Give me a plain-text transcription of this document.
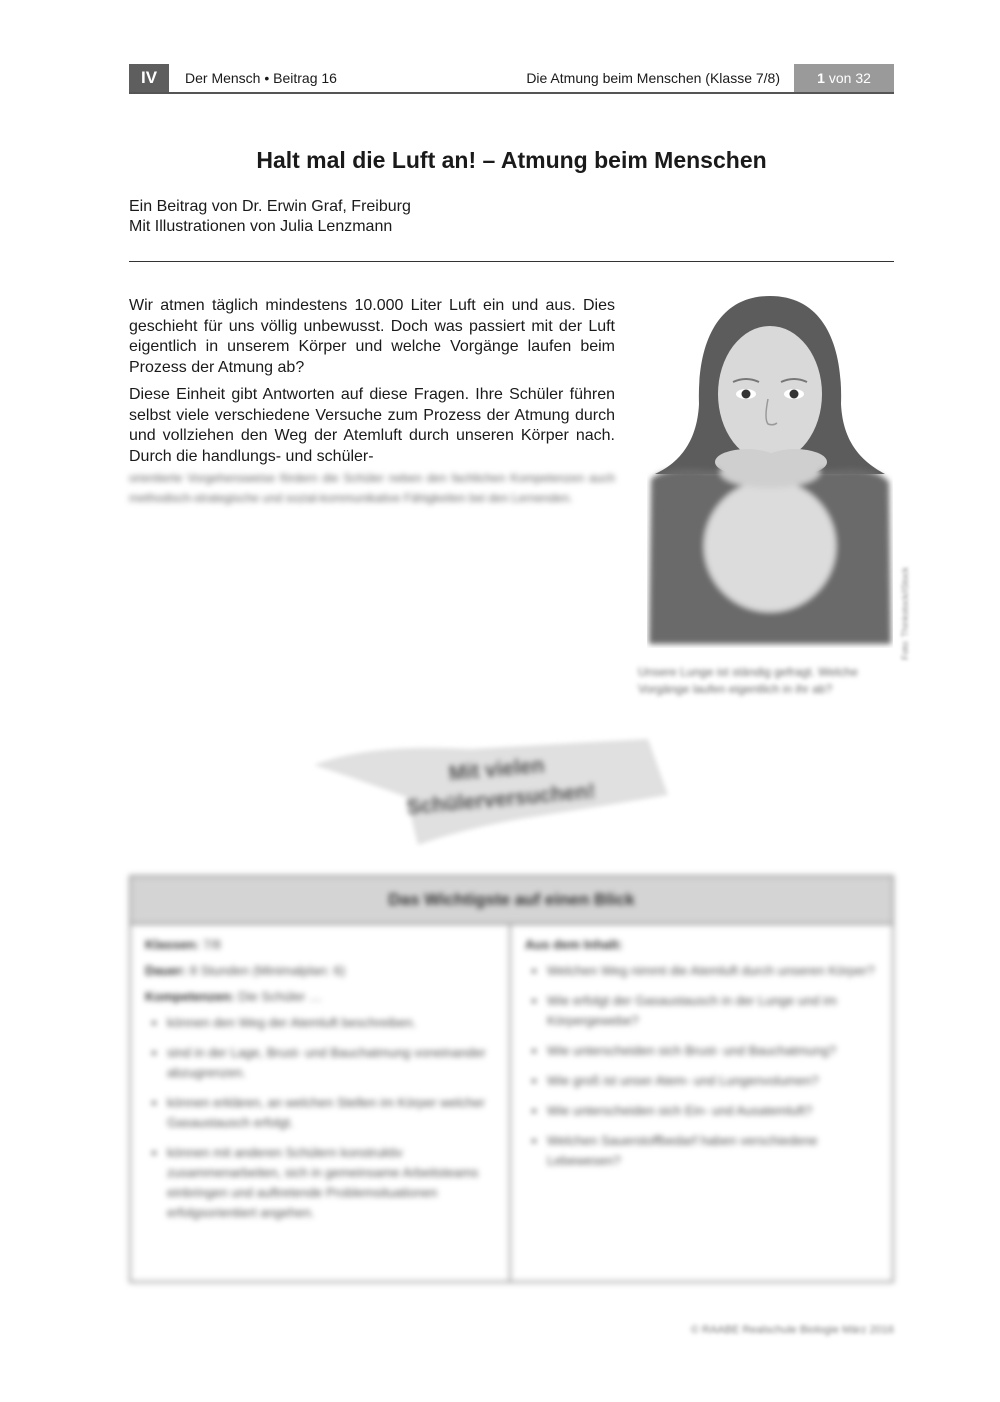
IV	Der Mensch • Beitrag 16	Die Atmung beim Menschen (Klasse 7/8)	1 von 32
Halt mal die Luft an! – Atmung beim Menschen
Ein Beitrag von Dr. Erwin Graf, Freiburg
Mit Illustrationen von Julia Lenzmann

Wir atmen täglich mindestens 10.000 Liter Luft ein und aus. Dies geschieht für uns völlig unbewusst. Doch was passiert mit der Luft eigentlich in unserem Körper und welche Vorgänge laufen beim Prozess der Atmung ab?

Diese Einheit gibt Antworten auf diese Fragen. Ihre Schüler führen selbst viele verschiedene Versuche zum Prozess der Atmung durch und vollziehen den Weg der Atemluft durch unseren Körper nach. Durch die handlungs- und schüler-

orientierte Vorgehensweise fördern die Schüler neben den fachlichen Kompetenzen auch methodisch-strategische und sozial-kommunikative Fähigkeiten bei den Lernenden.
Foto: Thinkstock/iStock
Unsere Lunge ist ständig gefragt. Welche Vorgänge laufen eigentlich in ihr ab?
Mit vielen
Schülerversuchen!
Das Wichtigste auf einen Blick
Klassen: 7/8
Dauer: 8 Stunden (Minimalplan: 6)
Kompetenzen: Die Schüler …
• können den Weg der Atemluft beschreiben.
• sind in der Lage, Brust- und Bauchatmung voneinander abzugrenzen.
• können erklären, an welchen Stellen im Körper welcher Gasaustausch erfolgt.
• können mit anderen Schülern konstruktiv zusammenarbeiten, sich in gemeinsame Arbeitsteams einbringen und auftretende Problemsituationen erfolgsorientiert angehen.
Aus dem Inhalt:
• Welchen Weg nimmt die Atemluft durch unseren Körper?
• Wie erfolgt der Gasaustausch in der Lunge und im Körpergewebe?
• Wie unterscheiden sich Brust- und Bauchatmung?
• Wie groß ist unser Atem- und Lungenvolumen?
• Wie unterscheiden sich Ein- und Ausatemluft?
• Welchen Sauerstoffbedarf haben verschiedene Lebewesen?
© RAABE Realschule Biologie März 2016
